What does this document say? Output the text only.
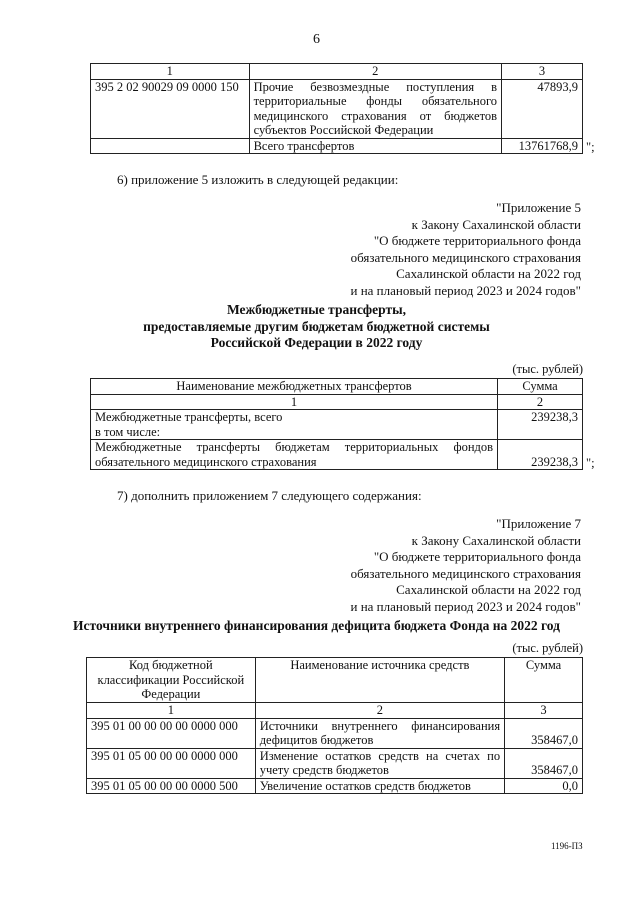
6
1	2	3
395 2 02 90029 09 0000 150	Прочие безвозмездные поступления в территориальные фонды обязательного медицинского страхования от бюджетов субъектов Российской Федерации	47893,9
	Всего трансфертов	13761768,9 ";
6) приложение 5 изложить в следующей редакции:
"Приложение 5
к Закону Сахалинской области
"О бюджете территориального фонда
обязательного медицинского страхования
Сахалинской области на 2022 год
и на плановый период 2023 и 2024 годов"
Межбюджетные трансферты,
предоставляемые другим бюджетам бюджетной системы
Российской Федерации в 2022 году
(тыс. рублей)
Наименование межбюджетных трансфертов	Сумма
1	2

Межбюджетные трансферты, всего
в том числе:	239238,3
Межбюджетные трансферты бюджетам территориальных фондов обязательного медицинского страхования	239238,3 ";
7) дополнить приложением 7 следующего содержания:
"Приложение 7
к Закону Сахалинской области
"О бюджете территориального фонда
обязательного медицинского страхования
Сахалинской области на 2022 год
и на плановый период 2023 и 2024 годов"
Источники внутреннего финансирования дефицита бюджета Фонда на 2022 год
(тыс. рублей)
Код бюджетной классификации Российской Федерации	Наименование источника средств	Сумма
1	2	3
395 01 00 00 00 00 0000 000	Источники внутреннего финансирования дефицитов бюджетов	358467,0
395 01 05 00 00 00 0000 000	Изменение остатков средств на счетах по учету средств бюджетов	358467,0
395 01 05 00 00 00 0000 500	Увеличение остатков средств бюджетов	0,0
1196-ПЗ
